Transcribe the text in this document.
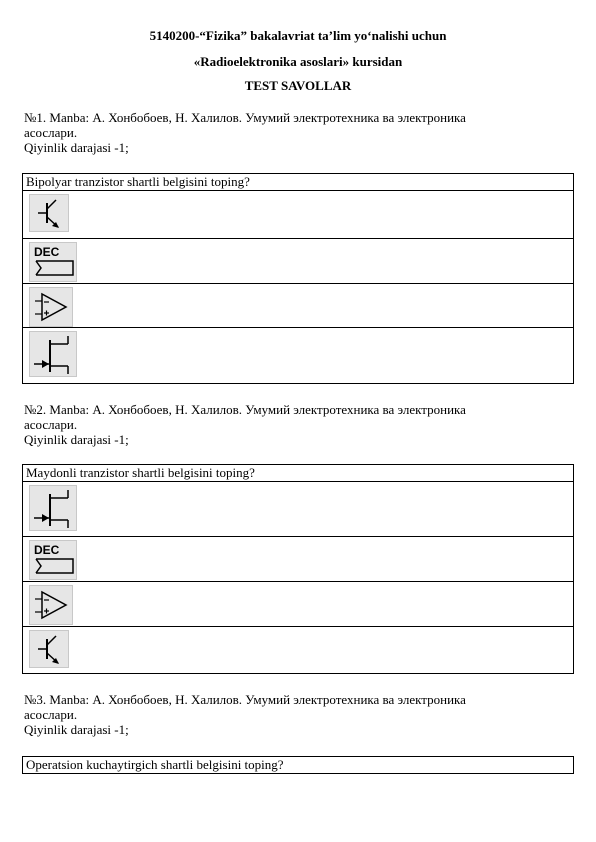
5140200-“Fizika” bakalavriat ta’lim yo‘nalishi uchun
«Radioelektronika asoslari» kursidan
TEST SAVOLLAR
№1. Manba: А. Хонбобоев, Н. Халилов. Умумий электротехника ва электроника
асослари.
Qiyinlik darajasi -1;
Bipolyar tranzistor shartli belgisini toping?
DEC
№2. Manba: А. Хонбобоев, Н. Халилов. Умумий электротехника ва электроника
асослари.
Qiyinlik darajasi -1;
Maydonli tranzistor shartli belgisini toping?
DEC
№3. Manba: А. Хонбобоев, Н. Халилов. Умумий электротехника ва электроника
асослари.
Qiyinlik darajasi -1;
Operatsion kuchaytirgich shartli belgisini toping?
